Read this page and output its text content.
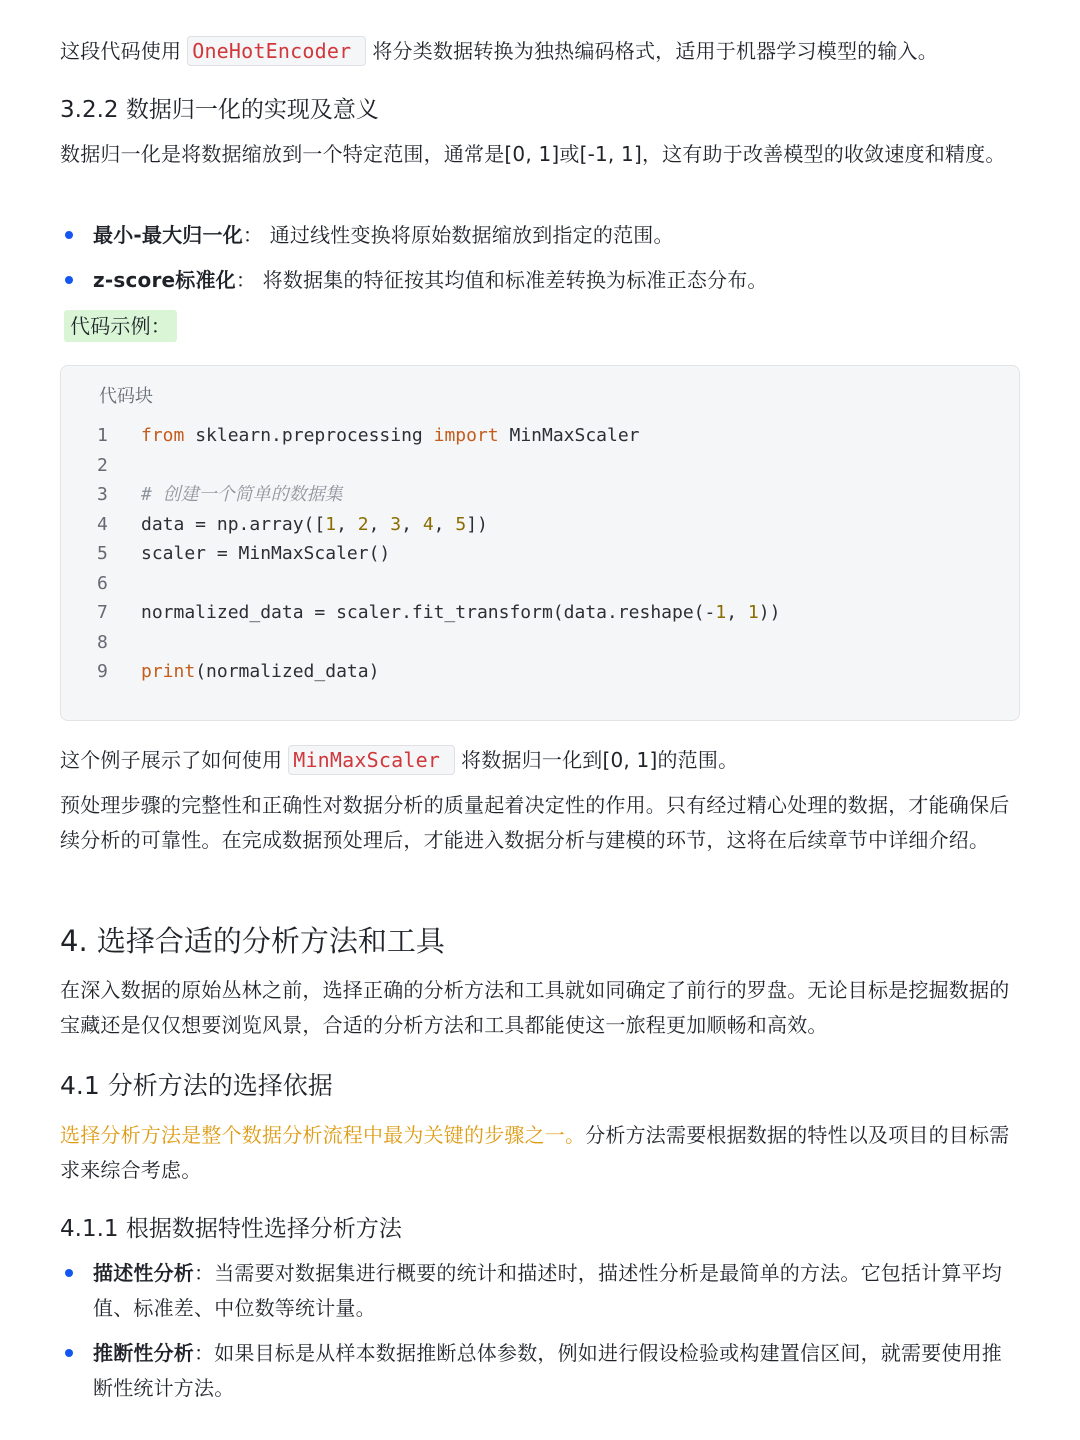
这段代码使用 OneHotEncoder 将分类数据转换为独热编码格式，适用于机器学习模型的输入。

3.2.2 数据归一化的实现及意义

数据归一化是将数据缩放到一个特定范围，通常是[0, 1]或[-1, 1]，这有助于改善模型的收敛速度和精度。

最小-最大归一化： 通过线性变换将原始数据缩放到指定的范围。
z-score标准化： 将数据集的特征按其均值和标准差转换为标准正态分布。

代码示例：

代码块
1	from sklearn.preprocessing import MinMaxScaler
2
3	# 创建一个简单的数据集
4	data = np.array([1, 2, 3, 4, 5])
5	scaler = MinMaxScaler()
6
7	normalized_data = scaler.fit_transform(data.reshape(-1, 1))
8
9	print(normalized_data)

这个例子展示了如何使用 MinMaxScaler 将数据归一化到[0, 1]的范围。

预处理步骤的完整性和正确性对数据分析的质量起着决定性的作用。只有经过精心处理的数据，才能确保后续分析的可靠性。在完成数据预处理后，才能进入数据分析与建模的环节，这将在后续章节中详细介绍。

4. 选择合适的分析方法和工具

在深入数据的原始丛林之前，选择正确的分析方法和工具就如同确定了前行的罗盘。无论目标是挖掘数据的宝藏还是仅仅想要浏览风景，合适的分析方法和工具都能使这一旅程更加顺畅和高效。

4.1 分析方法的选择依据

选择分析方法是整个数据分析流程中最为关键的步骤之一。分析方法需要根据数据的特性以及项目的目标需求来综合考虑。

4.1.1 根据数据特性选择分析方法
描述性分析：当需要对数据集进行概要的统计和描述时，描述性分析是最简单的方法。它包括计算平均值、标准差、中位数等统计量。
推断性分析：如果目标是从样本数据推断总体参数，例如进行假设检验或构建置信区间，就需要使用推断性统计方法。
